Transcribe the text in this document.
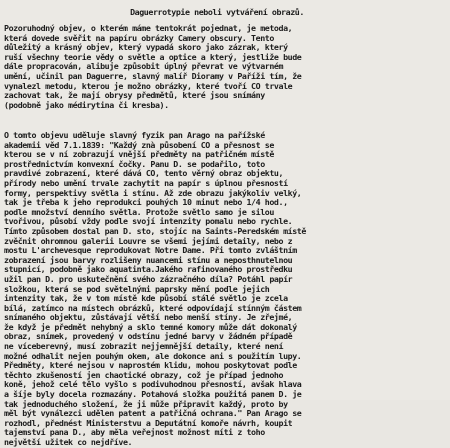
Daguerrotypie neboli vytváření obrazů.
Pozoruhodný objev, o kterém máme tentokrát pojednat, je metoda,
která dovede svěřit na papíru obrázky Camery obscury. Tento
důležitý a krásný objev, který vypadá skoro jako zázrak, který
ruší všechny teorie vědy o světle a optice a který, jestliže bude
dále propracován, alibuje způsobit úplný převrat ve výtvarném
umění, učinil pan Daguerre, slavný malíř Dioramy v Paříži tím, že
vynalezl metodu, kterou je možno obrázky, které tvoří CO trvale
zachovat tak, že mají obrysy předmětů, které jsou snímány
(podobně jako médirytina či kresba).
O tomto objevu uděluje slavný fyzik pan Arago na pařížské
akademii věd 7.1.1839: "Každý znà působení CO a přesnost se
kterou se v ní zobrazují vnější předměty na patřičném místě
prostřednictvím konvexní čočky. Panu D. se podařilo, toto
pravdivé zobrazení, které dává CO, tento věrný obraz objektu,
přírody nebo umění trvale zachytit na papír s úplnou přesností
formy, perspektivy světla i stínu. Až zde obrazu jakýkoliv velký,
tak je třeba k jeho reprodukci pouhých 10 minut nebo 1/4 hod.,
podle množství denního světla. Protože světlo samo je silou
tvořivou, působí vždy podle svojí intenzity pomalu nebo rychle.
Tímto způsobem dostal pan D. sto, stojíc na Saints-Peredském místě
zvěčnit ohromnou galerii Louvre se všemi jejími detaily, nebo z
mostu L'archevesque reprodukovat Notre Dame. Při tomto zvláštním
zobrazení jsou barvy rozlišeny nuancemi stínu a neposthnutelnou
stupnicí, podobně jako aquatinta.Jakého rafinovaného prostředku
užil pan D. pro uskutečnění svého zázračného díla? Potáhl papír
složkou, která se pod světelnými paprsky mění podle jejich
intenzity tak, že v tom místě kde působí stálé světlo je zcela
bílá, zatímco na místech obrázků, které odpovídají stínným částem
snímaného objektu, zůstávají větší nebo menší stíny. Je zřejmé,
že když je předmět nehybný a sklo temné komory může dát dokonalý
obraz, snímek, provedený v odstínu jedné barvy v žádném případě
ne víceberevný, musí zobrazit nejjemnější detaily, které není
možné odhalit nejen pouhým okem, ale dokonce ani s použitím lupy.
Předměty, které nejsou v naprostém klidu, mohou poskytovat podle
těchto zkušeností jen chaotické obrazy, což je případ jednoho
koně, jehož celé tělo vyšlo s podivuhodnou přesností, avšak hlava
a šíje byly docela rozmazány. Potahová složka použitá panem D. je
tak jednoduchého složení, že ji může připravit každý, proto by
měl být vynálezci udělen patent a patřičná ochrana." Pan Arago se
rozhodl, přednést Ministerstvu a Deputátní komoře návrh, koupit
tajemství pana D., aby měla veřejnost možnost míti z toho
největší užitek co nejdříve.
